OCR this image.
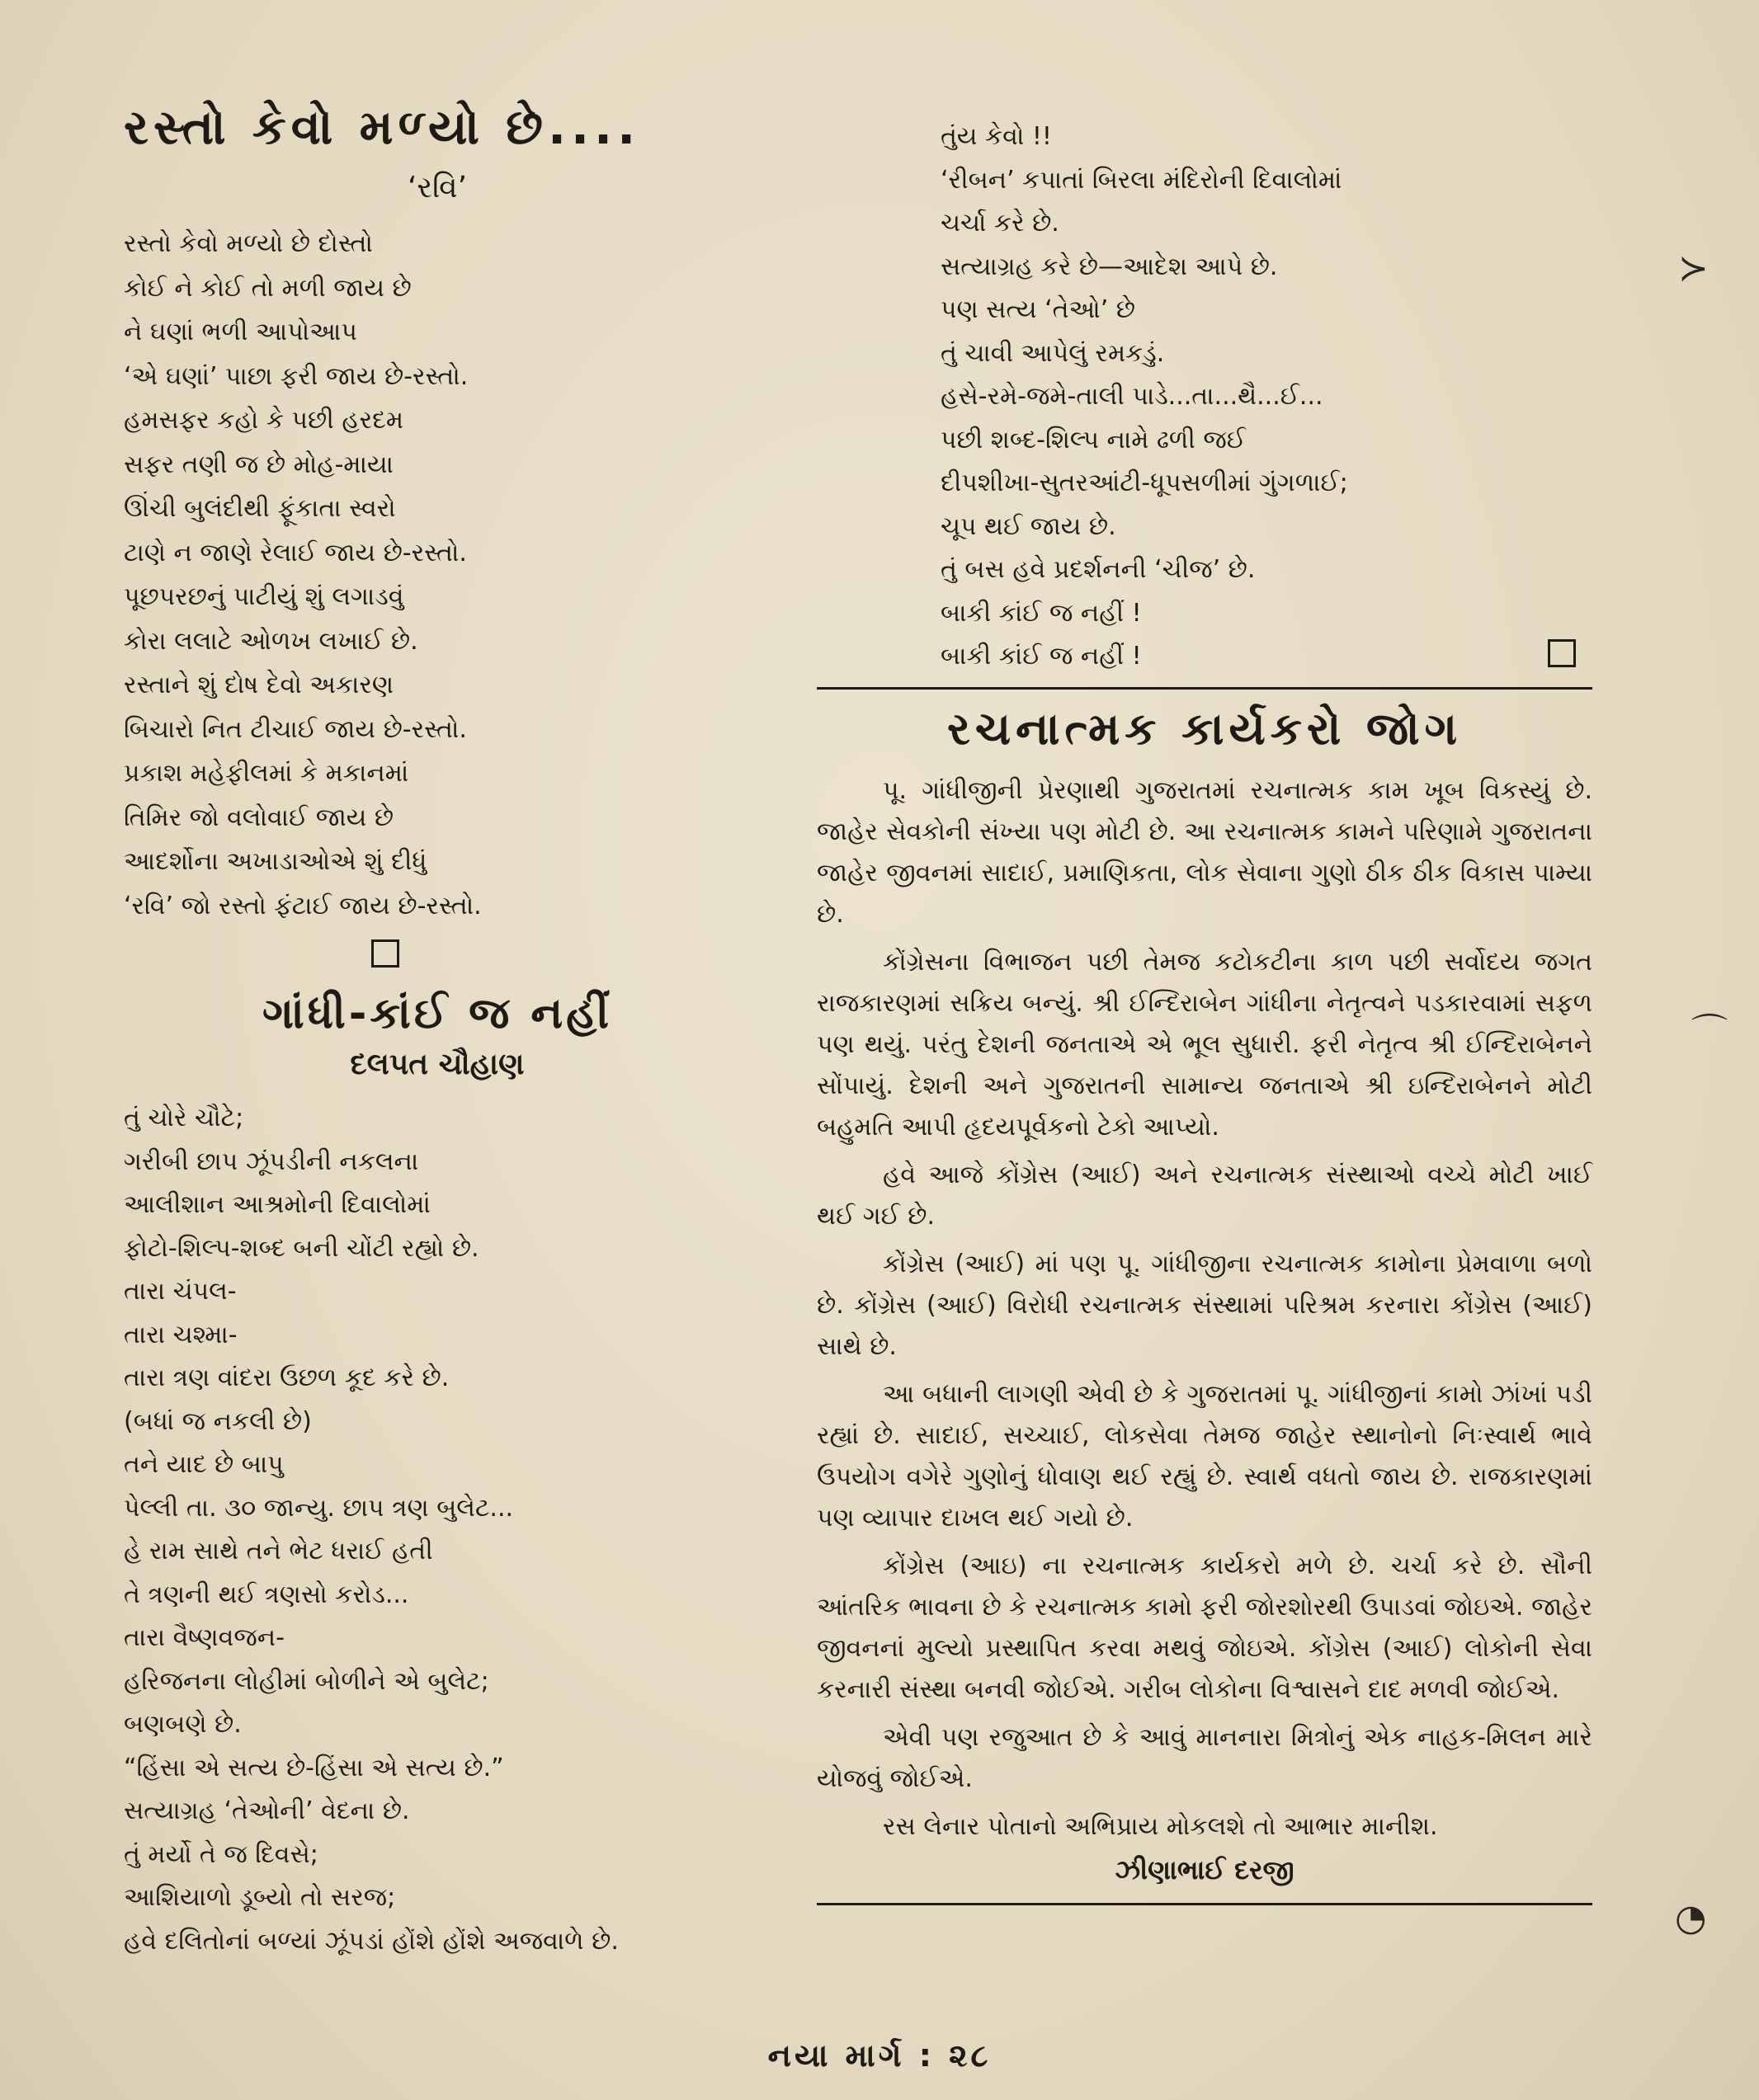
રસ્તો કેવો મળ્યો છે....
‘રવિ’
રસ્તો કેવો મળ્યો છે દોસ્તો
કોઈ ને કોઈ તો મળી જાય છે
ને ઘણાં ભળી આપોઆપ
‘એ ઘણાં’ પાછા ફરી જાય છે-રસ્તો.
હમસફર કહો કે પછી હરદમ
સફર તણી જ છે મોહ-માયા
ઊંચી બુલંદીથી ફૂંકાતા સ્વરો
ટાણે ન જાણે રેલાઈ જાય છે-રસ્તો.
પૂછપરછનું પાટીયું શું લગાડવું
કોરા લલાટે ઓળખ લખાઈ છે.
રસ્તાને શું દોષ દેવો અકારણ
બિચારો નિત ટીચાઈ જાય છે-રસ્તો.
પ્રકાશ મહેફીલમાં કે મકાનમાં
તિમિર જો વલોવાઈ જાય છે
આદર્શોના અખાડાઓએ શું દીધું
‘રવિ’ જો રસ્તો ફંટાઈ જાય છે-રસ્તો.
ગાંધી-કાંઈ જ નહીં
દલપત ચૌહાણ
તું ચોરે ચૌટે;
ગરીબી છાપ ઝૂંપડીની નકલના
આલીશાન આશ્રમોની દિવાલોમાં
ફોટો-શિલ્પ-શબ્દ બની ચોંટી રહ્યો છે.
તારા ચંપલ-
તારા ચશ્મા-
તારા ત્રણ વાંદરા ઉછળ કૂદ કરે છે.
(બધાં જ નકલી છે)
તને યાદ છે બાપુ
પેલ્લી તા. ૩૦ જાન્યુ. છાપ ત્રણ બુલેટ...
હે રામ સાથે તને ભેટ ધરાઈ હતી
તે ત્રણની થઈ ત્રણસો કરોડ...
તારા વૈષ્ણવજન-
હરિજનના લોહીમાં બોળીને એ બુલેટ;
બણબણે છે.
“હિંસા એ સત્ય છે-હિંસા એ સત્ય છે.”
સત્યાગ્રહ ‘તેઓની’ વેદના છે.
તું મર્યો તે જ દિવસે;
આશિયાળો ડૂબ્યો તો સરજ;
હવે દલિતોનાં બળ્યાં ઝૂંપડાં હોંશે હોંશે અજવાળે છે.
તુંય કેવો !!
‘રીબન’ કપાતાં બિરલા મંદિરોની દિવાલોમાં
ચર્ચા કરે છે.
સત્યાગ્રહ કરે છે—આદેશ આપે છે.
પણ સત્ય ‘તેઓ’ છે
તું ચાવી આપેલું રમકડું.
હસે-રમે-જમે-તાલી પાડે...તા...થૈ...ઈ...
પછી શબ્દ-શિલ્પ નામે ઢળી જઈ
દીપશીખા-સુતરઆંટી-ધૂપસળીમાં ગુંગળાઈ;
ચૂપ થઈ જાય છે.
તું બસ હવે પ્રદર્શનની ‘ચીજ’ છે.
બાકી કાંઈ જ નહીં !
બાકી કાંઈ જ નહીં !
રચનાત્મક કાર્યકરો જોગ

પૂ. ગાંધીજીની પ્રેરણાથી ગુજરાતમાં રચનાત્મક કામ ખૂબ વિકસ્યું છે. જાહેર સેવકોની સંખ્યા પણ મોટી છે. આ રચનાત્મક કામને પરિણામે ગુજરાતના જાહેર જીવનમાં સાદાઈ, પ્રમાણિકતા, લોક સેવાના ગુણો ઠીક ઠીક વિકાસ પામ્યા છે.

કોંગ્રેસના વિભાજન પછી તેમજ કટોકટીના કાળ પછી સર્વોદય જગત રાજકારણમાં સક્રિય બન્યું. શ્રી ઈન્દિરાબેન ગાંધીના નેતૃત્વને પડકારવામાં સફળ પણ થયું. પરંતુ દેશની જનતાએ એ ભૂલ સુધારી. ફરી નેતૃત્વ શ્રી ઈન્દિરાબેનને સોંપાયું. દેશની અને ગુજરાતની સામાન્ય જનતાએ શ્રી ઇન્દિરાબેનને મોટી બહુમતિ આપી હૃદયપૂર્વકનો ટેકો આપ્યો.

હવે આજે કોંગ્રેસ (આઈ) અને રચનાત્મક સંસ્થાઓ વચ્ચે મોટી ખાઈ થઈ ગઈ છે.

કોંગ્રેસ (આઈ) માં પણ પૂ. ગાંધીજીના રચનાત્મક કામોના પ્રેમવાળા બળો છે. કોંગ્રેસ (આઈ) વિરોધી રચનાત્મક સંસ્થામાં પરિશ્રમ કરનારા કોંગ્રેસ (આઈ) સાથે છે.

આ બધાની લાગણી એવી છે કે ગુજરાતમાં પૂ. ગાંધીજીનાં કામો ઝાંખાં પડી રહ્યાં છે. સાદાઈ, સચ્ચાઈ, લોકસેવા તેમજ જાહેર સ્થાનોનો નિઃસ્વાર્થ ભાવે ઉપયોગ વગેરે ગુણોનું ધોવાણ થઈ રહ્યું છે. સ્વાર્થ વધતો જાય છે. રાજકારણમાં પણ વ્યાપાર દાખલ થઈ ગયો છે.

કોંગ્રેસ (આઇ) ના રચનાત્મક કાર્યકરો મળે છે. ચર્ચા કરે છે. સૌની આંતરિક ભાવના છે કે રચનાત્મક કામો ફરી જોરશોરથી ઉપાડવાં જોઇએ. જાહેર જીવનનાં મુલ્યો પ્રસ્થાપિત કરવા મથવું જોઇએ. કોંગ્રેસ (આઈ) લોકોની સેવા કરનારી સંસ્થા બનવી જોઈએ. ગરીબ લોકોના વિશ્વાસને દાદ મળવી જોઈએ.

એવી પણ રજુઆત છે કે આવું માનનારા મિત્રોનું એક નાહક-મિલન મારે યોજવું જોઈએ.

રસ લેનાર પોતાનો અભિપ્રાય મોકલશે તો આભાર માનીશ.

ઝીણાભાઈ દરજી
≻
⌒
◔
નયા માર્ગ : ૨૮
